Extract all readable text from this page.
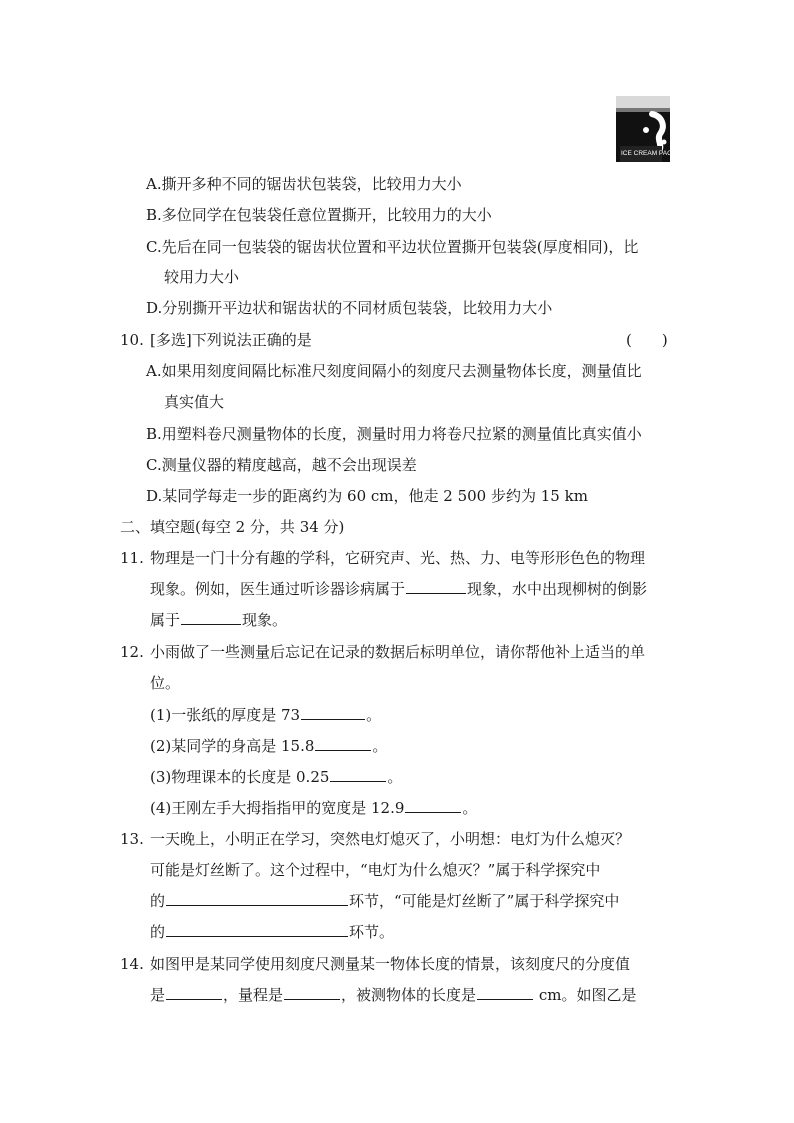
ICE CREAM PACKAGE
A.撕开多种不同的锯齿状包装袋，比较用力大小
B.多位同学在包装袋任意位置撕开，比较用力的大小
C.先后在同一包装袋的锯齿状位置和平边状位置撕开包装袋(厚度相同)，比
较用力大小
D.分别撕开平边状和锯齿状的不同材质包装袋，比较用力大小
10. [多选]下列说法正确的是	(　　)
A.如果用刻度间隔比标准尺刻度间隔小的刻度尺去测量物体长度，测量值比
真实值大
B.用塑料卷尺测量物体的长度，测量时用力将卷尺拉紧的测量值比真实值小
C.测量仪器的精度越高，越不会出现误差
D.某同学每走一步的距离约为 60 cm，他走 2 500 步约为 15 km
二、填空题(每空 2 分，共 34 分)
11. 物理是一门十分有趣的学科，它研究声、光、热、力、电等形形色色的物理
现象。例如，医生通过听诊器诊病属于	现象，水中出现柳树的倒影
属于	现象。
12. 小雨做了一些测量后忘记在记录的数据后标明单位，请你帮他补上适当的单
位。
(1)一张纸的厚度是 73	。
(2)某同学的身高是 15.8	。
(3)物理课本的长度是 0.25	。
(4)王刚左手大拇指指甲的宽度是 12.9	。
13. 一天晚上，小明正在学习，突然电灯熄灭了，小明想：电灯为什么熄灭？
可能是灯丝断了。这个过程中，“电灯为什么熄灭？”属于科学探究中
的	环节，“可能是灯丝断了”属于科学探究中
的	环节。
14. 如图甲是某同学使用刻度尺测量某一物体长度的情景，该刻度尺的分度值
是	，量程是	，被测物体的长度是	cm。如图乙是
